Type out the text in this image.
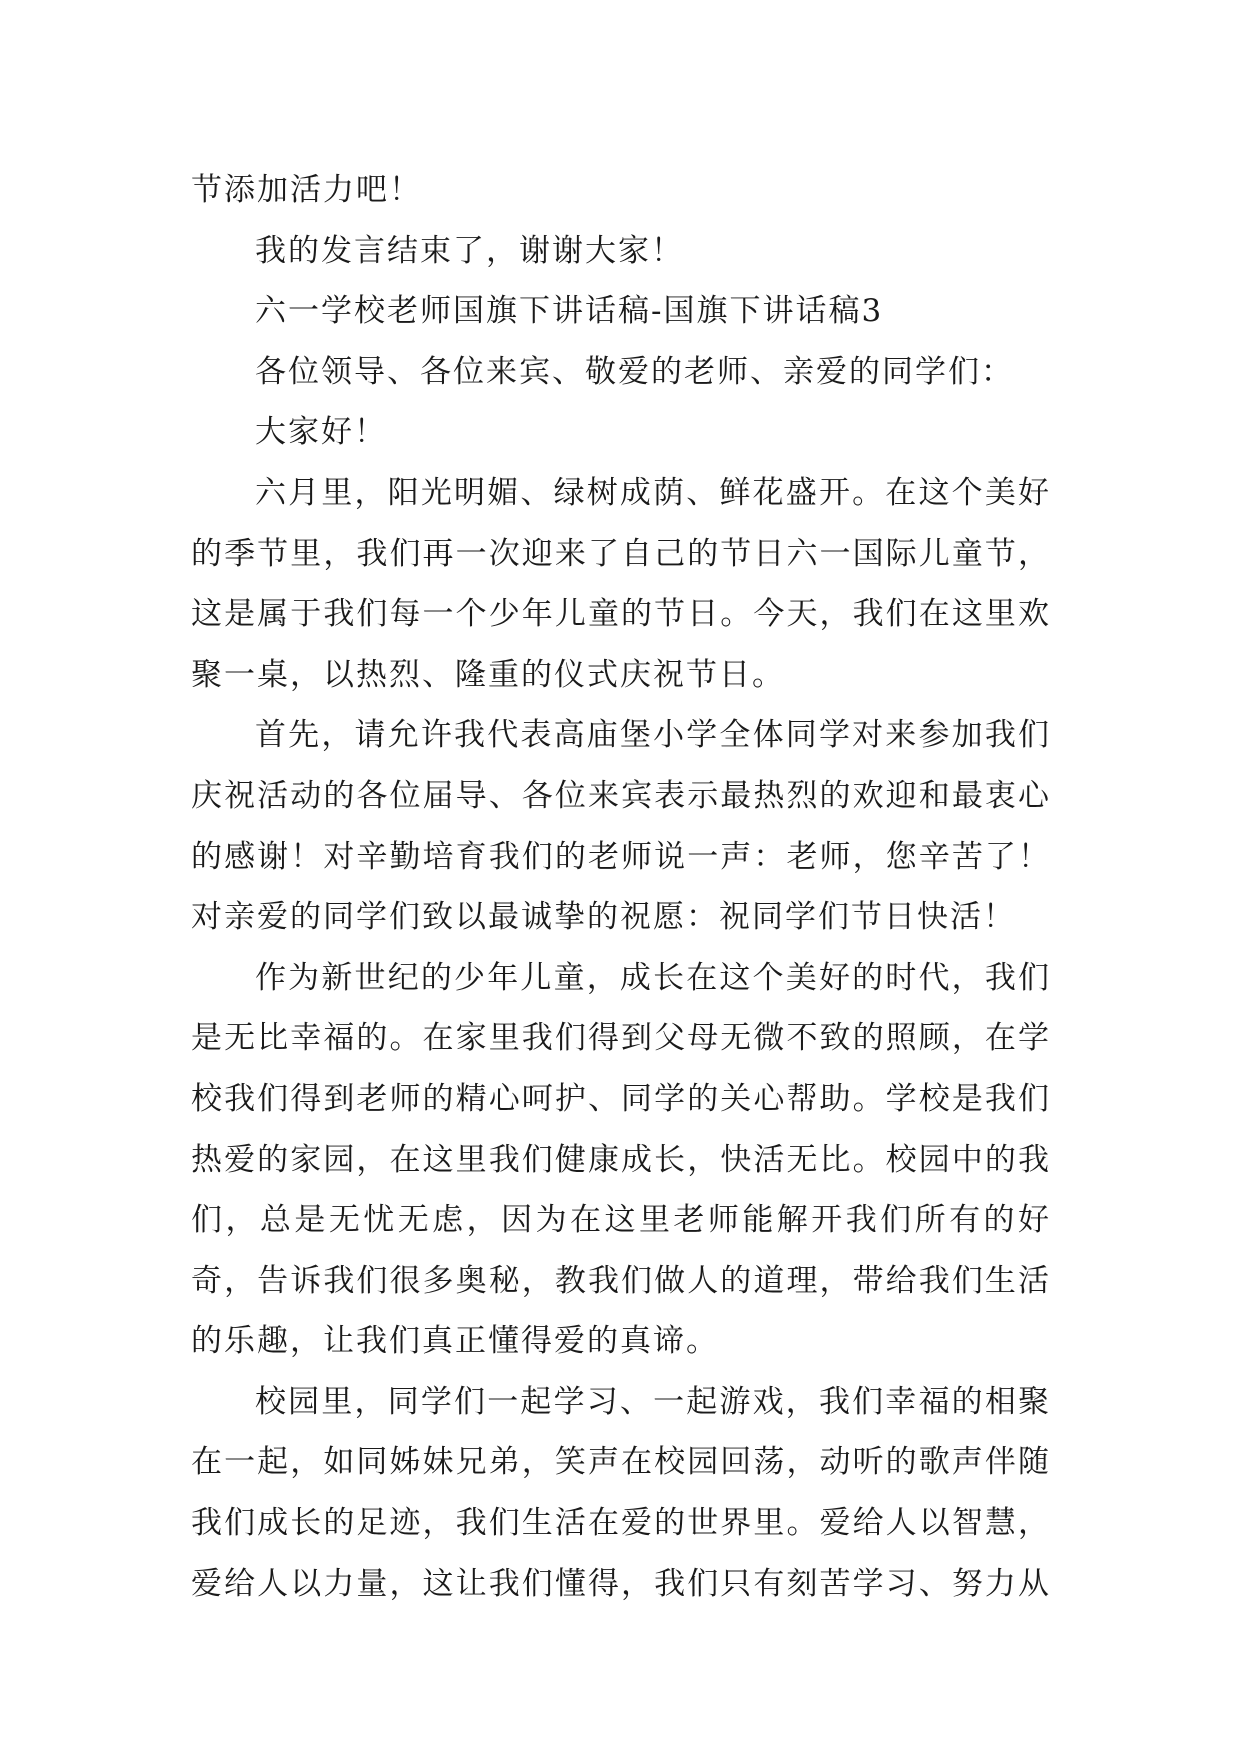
节添加活力吧！

我的发言结束了，谢谢大家！

六一学校老师国旗下讲话稿-国旗下讲话稿3

各位领导、各位来宾、敬爱的老师、亲爱的同学们：

大家好！

六月里，阳光明媚、绿树成荫、鲜花盛开。在这个美好的季节里，我们再一次迎来了自己的节日六一国际儿童节，这是属于我们每一个少年儿童的节日。今天，我们在这里欢聚一桌，以热烈、隆重的仪式庆祝节日。

首先，请允许我代表高庙堡小学全体同学对来参加我们庆祝活动的各位届导、各位来宾表示最热烈的欢迎和最衷心的感谢！对辛勤培育我们的老师说一声：老师，您辛苦了！对亲爱的同学们致以最诚挚的祝愿：祝同学们节日快活！

作为新世纪的少年儿童，成长在这个美好的时代，我们是无比幸福的。在家里我们得到父母无微不致的照顾，在学校我们得到老师的精心呵护、同学的关心帮助。学校是我们热爱的家园，在这里我们健康成长，快活无比。校园中的我们，总是无忧无虑，因为在这里老师能解开我们所有的好奇，告诉我们很多奥秘，教我们做人的道理，带给我们生活的乐趣，让我们真正懂得爱的真谛。

校园里，同学们一起学习、一起游戏，我们幸福的相聚在一起，如同姊妹兄弟，笑声在校园回荡，动听的歌声伴随我们成长的足迹，我们生活在爱的世界里。爱给人以智慧，爱给人以力量，这让我们懂得，我们只有刻苦学习、努力从
